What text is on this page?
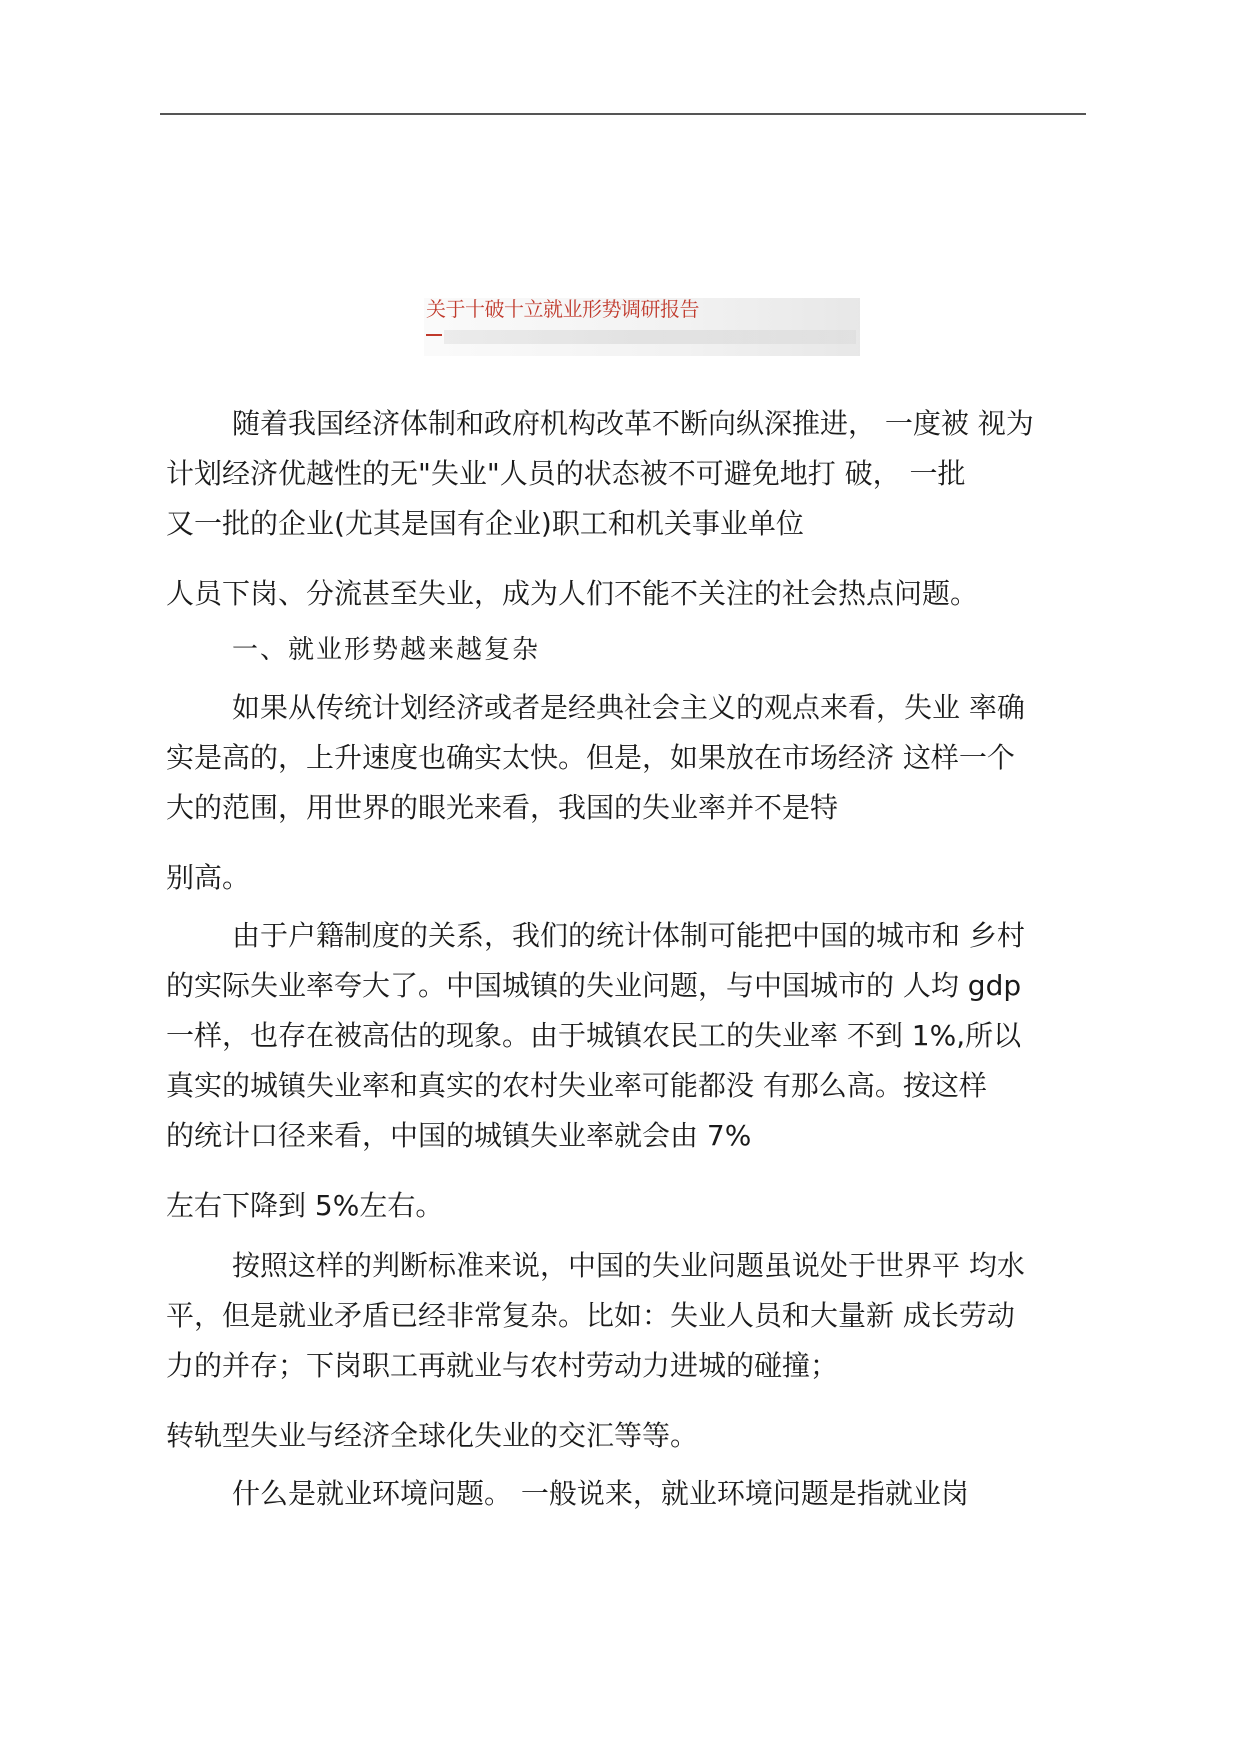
关于十破十立就业形势调研报告
随着我国经济体制和政府机构改革不断向纵深推进， 一度被 视为
计划经济优越性的无"失业"人员的状态被不可避免地打 破， 一批
又一批的企业(尤其是国有企业)职工和机关事业单位
人员下岗、分流甚至失业，成为人们不能不关注的社会热点问题。
一、就业形势越来越复杂
如果从传统计划经济或者是经典社会主义的观点来看，失业 率确
实是高的，上升速度也确实太快。但是，如果放在市场经济 这样一个
大的范围，用世界的眼光来看，我国的失业率并不是特
别高。
由于户籍制度的关系，我们的统计体制可能把中国的城市和 乡村
的实际失业率夸大了。中国城镇的失业问题，与中国城市的 人均 gdp
一样，也存在被高估的现象。由于城镇农民工的失业率 不到 1%,所以
真实的城镇失业率和真实的农村失业率可能都没 有那么高。按这样
的统计口径来看，中国的城镇失业率就会由 7%
左右下降到 5%左右。
按照这样的判断标准来说，中国的失业问题虽说处于世界平 均水
平，但是就业矛盾已经非常复杂。比如：失业人员和大量新 成长劳动
力的并存；下岗职工再就业与农村劳动力进城的碰撞；
转轨型失业与经济全球化失业的交汇等等。
什么是就业环境问题。 一般说来，就业环境问题是指就业岗
